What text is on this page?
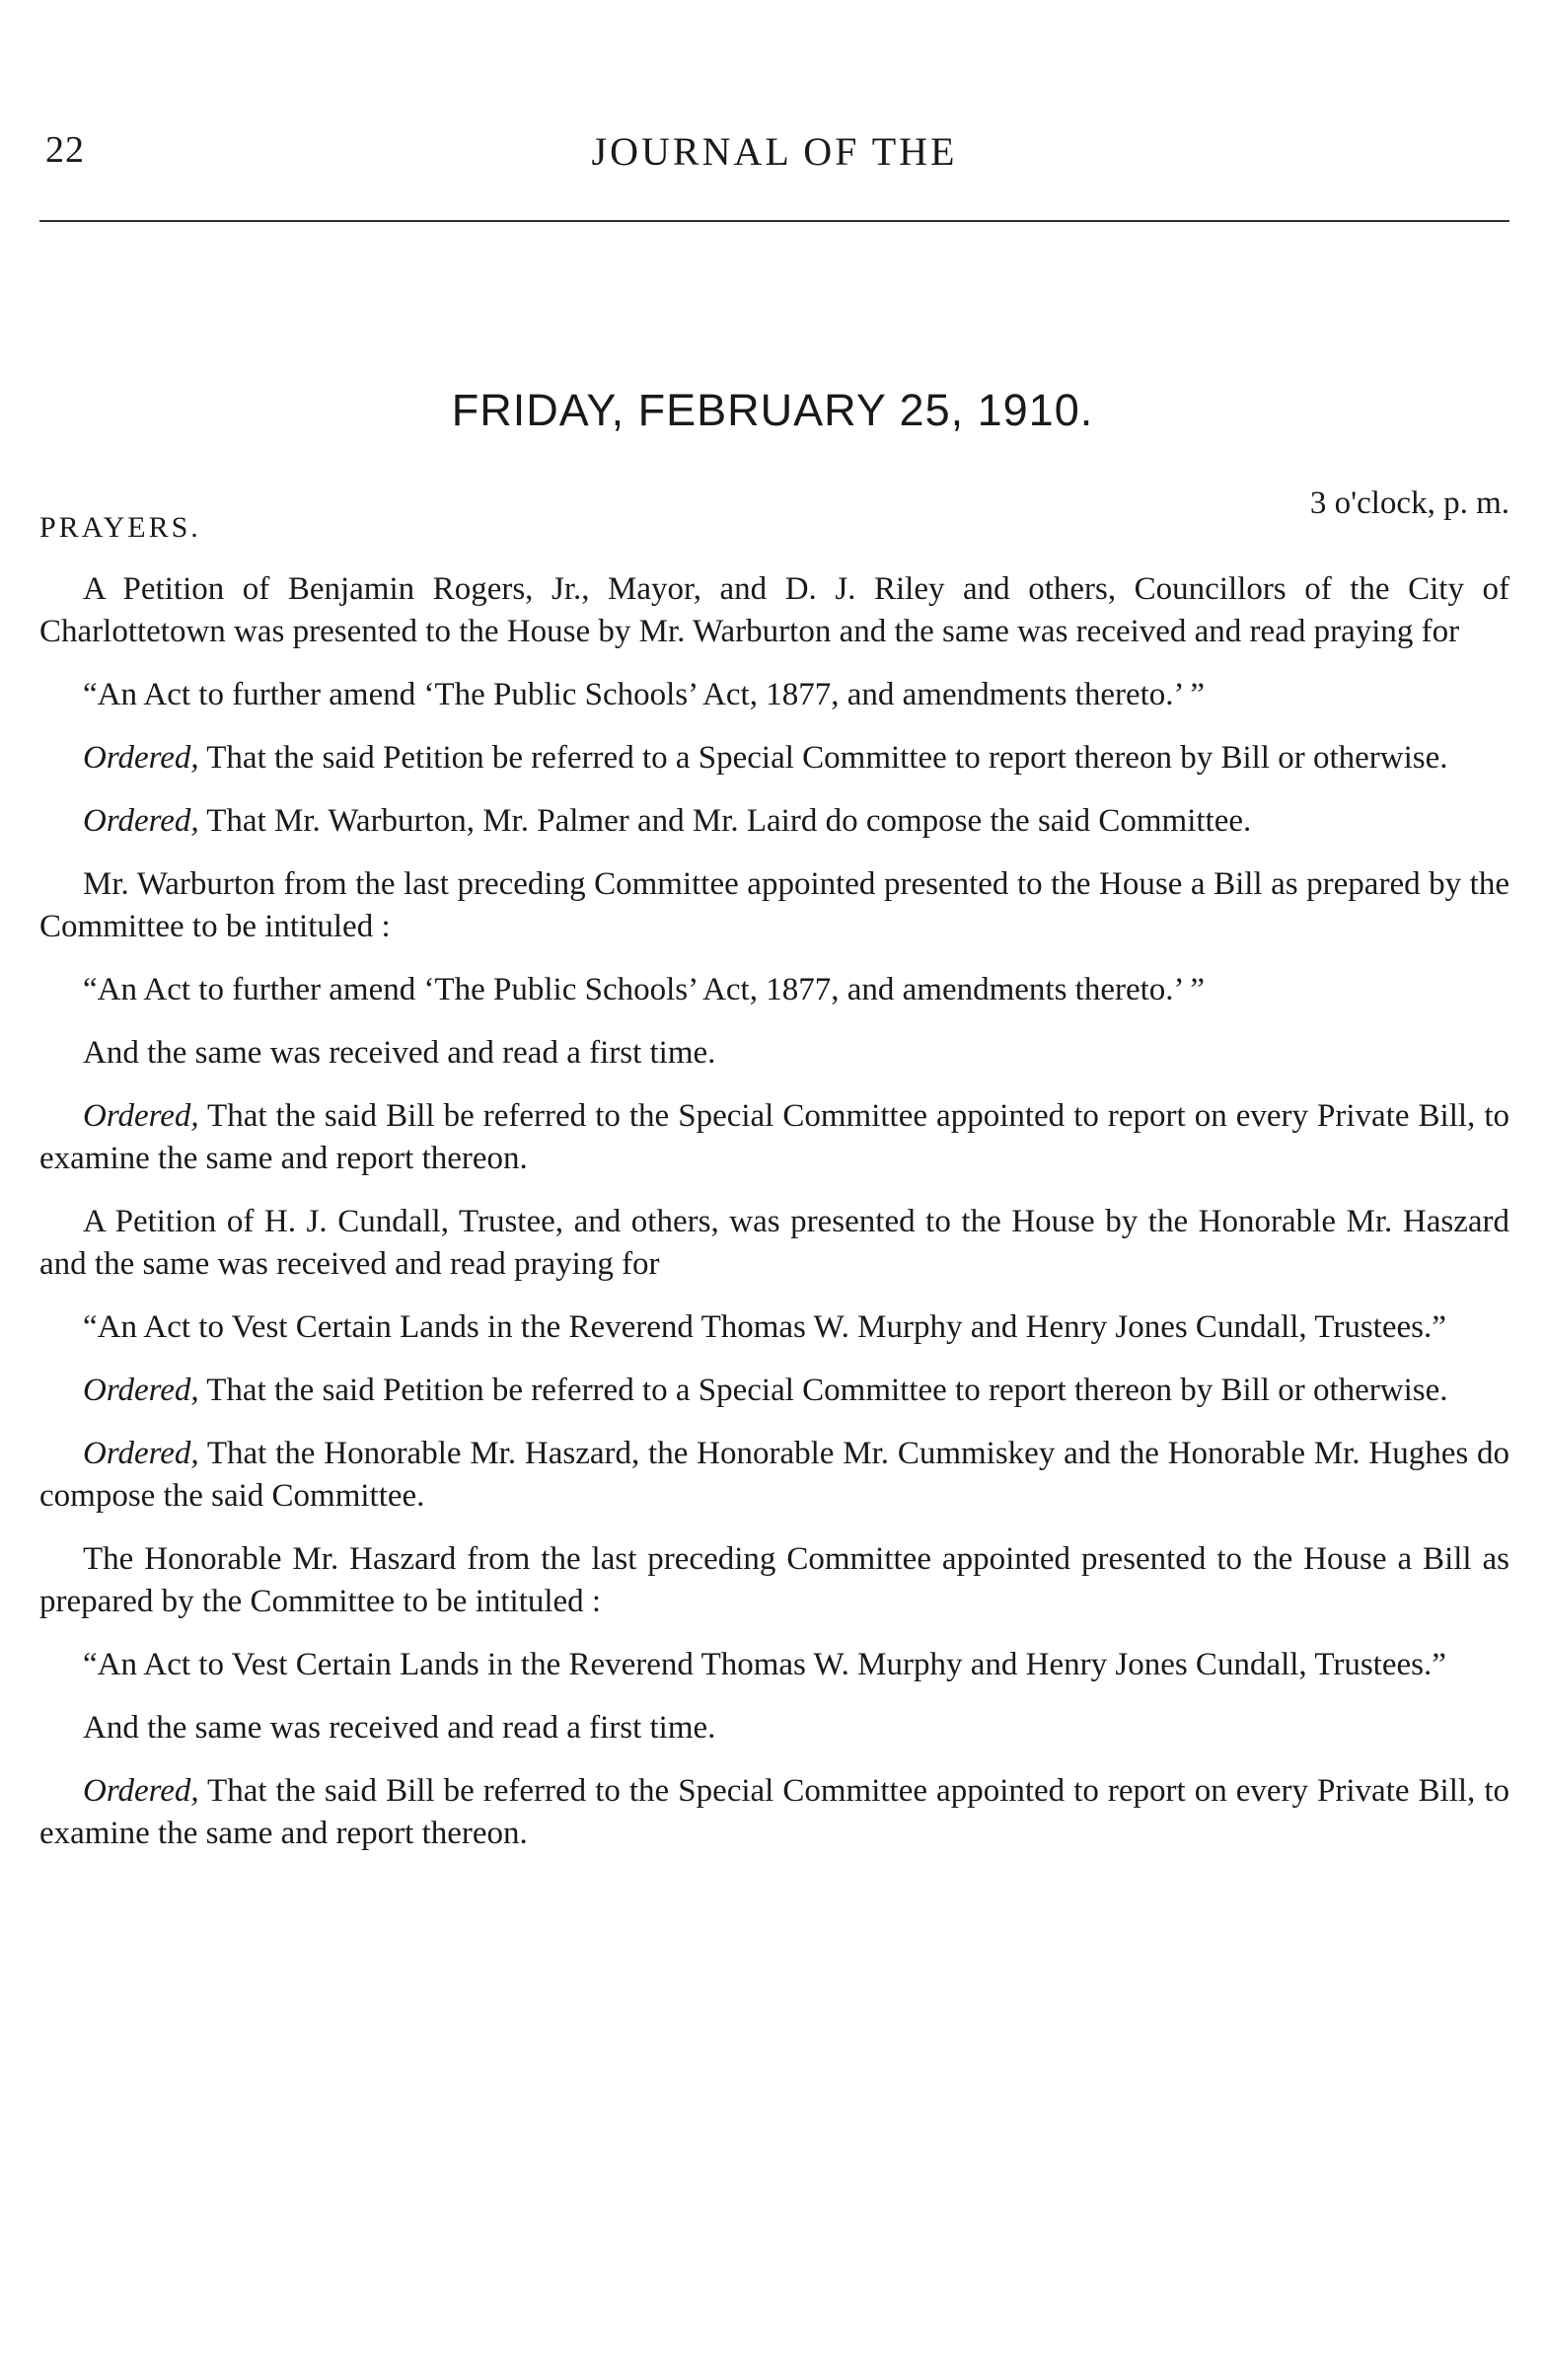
22	JOURNAL OF THE
FRIDAY, FEBRUARY 25, 1910.
3 o'clock, p. m.
PRAYERS.

A Petition of Benjamin Rogers, Jr., Mayor, and D. J. Riley and others, Councillors of the City of Charlottetown was presented to the House by Mr. Warburton and the same was received and read praying for

“An Act to further amend ‘The Public Schools’ Act, 1877, and amendments thereto.’ ”

Ordered, That the said Petition be referred to a Special Committee to report thereon by Bill or otherwise.

Ordered, That Mr. Warburton, Mr. Palmer and Mr. Laird do compose the said Committee.

Mr. Warburton from the last preceding Committee appointed presented to the House a Bill as prepared by the Committee to be intituled :

“An Act to further amend ‘The Public Schools’ Act, 1877, and amendments thereto.’ ”

And the same was received and read a first time.

Ordered, That the said Bill be referred to the Special Committee appointed to report on every Private Bill, to examine the same and report thereon.

A Petition of H. J. Cundall, Trustee, and others, was presented to the House by the Honorable Mr. Haszard and the same was received and read praying for

“An Act to Vest Certain Lands in the Reverend Thomas W. Murphy and Henry Jones Cundall, Trustees.”

Ordered, That the said Petition be referred to a Special Committee to report thereon by Bill or otherwise.

Ordered, That the Honorable Mr. Haszard, the Honorable Mr. Cummiskey and the Honorable Mr. Hughes do compose the said Committee.

The Honorable Mr. Haszard from the last preceding Committee appointed presented to the House a Bill as prepared by the Committee to be intituled :

“An Act to Vest Certain Lands in the Reverend Thomas W. Murphy and Henry Jones Cundall, Trustees.”

And the same was received and read a first time.

Ordered, That the said Bill be referred to the Special Committee appointed to report on every Private Bill, to examine the same and report thereon.
